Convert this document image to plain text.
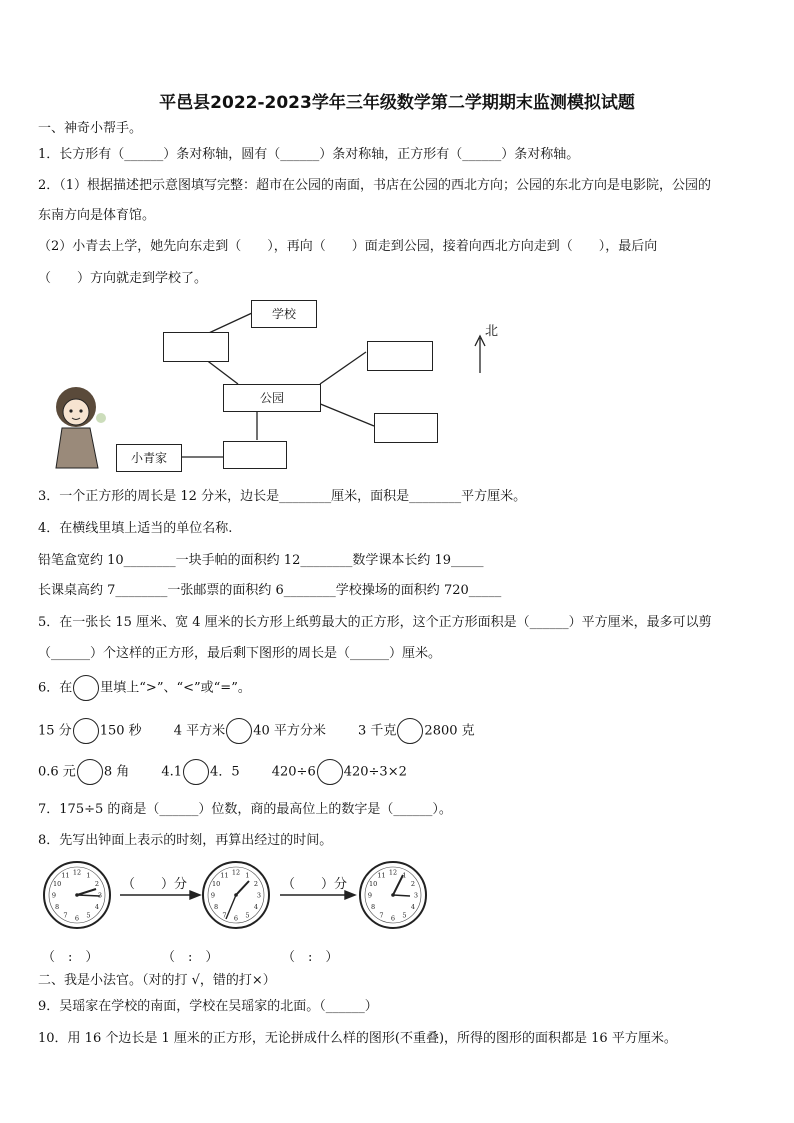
平邑县2022-2023学年三年级数学第二学期期末监测模拟试题
一、神奇小帮手。
1．长方形有（______）条对称轴，圆有（______）条对称轴，正方形有（______）条对称轴。
2．（1）根据描述把示意图填写完整：超市在公园的南面，书店在公园的西北方向；公园的东北方向是电影院，公园的
东南方向是体育馆。
（2）小青去上学，她先向东走到（　　），再向（　　）面走到公园，接着向西北方向走到（　　），最后向
（　　）方向就走到学校了。
学校
公园
小青家
北
3．一个正方形的周长是 12 分米，边长是________厘米，面积是________平方厘米。
4．在横线里填上适当的单位名称.
铅笔盒宽约 10________一块手帕的面积约 12________数学课本长约 19_____
长课桌高约 7________一张邮票的面积约 6________学校操场的面积约 720_____
5．在一张长 15 厘米、宽 4 厘米的长方形上纸剪最大的正方形，这个正方形面积是（______）平方厘米，最多可以剪
（______）个这样的正方形，最后剩下图形的周长是（______）厘米。
6．在 里填上“>”、“<”或“=”。
15 分 150 秒 4 平方米 40 平方分米 3 千克 2800 克
0.6 元 8 角 4.1 4．5 420÷6 420÷3×2
7．175÷5 的商是（______）位数，商的最高位上的数字是（______）。
8．先写出钟面上表示的时刻，再算出经过的时间。
1
2
3
4
5
6
7
8
9
10
11 12	1
2
3
4
5
6
7
8
9
10
11 12	1
2
3
4
5
6
7
8
9
10
11 12
（　　）分	（　　）分
（　:　）	（　:　）	（　:　）
二、我是小法官。（对的打 √，错的打×）
9．吴瑶家在学校的南面，学校在吴瑶家的北面。（______）
10．用 16 个边长是 1 厘米的正方形，无论拼成什么样的图形(不重叠)，所得的图形的面积都是 16 平方厘米。
